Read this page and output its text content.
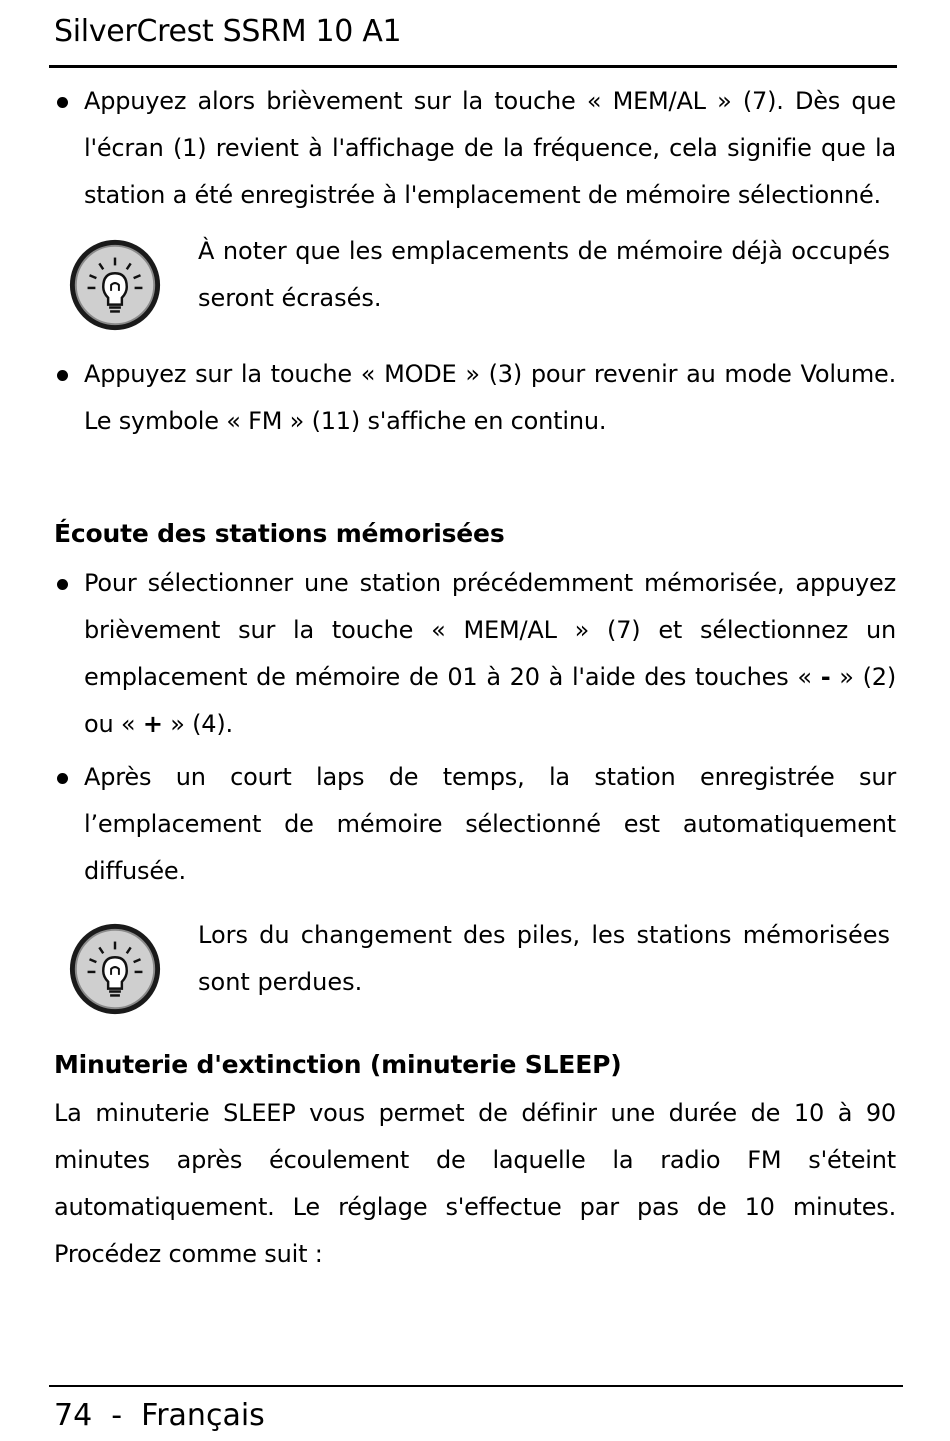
SilverCrest SSRM 10 A1
Appuyez alors brièvement sur la touche « MEM/AL » (7). Dès que l'écran (1) revient à l'affichage de la fréquence, cela signifie que la station a été enregistrée à l'emplacement de mémoire sélectionné.
À noter que les emplacements de mémoire déjà occupés seront écrasés.
Appuyez sur la touche « MODE » (3) pour revenir au mode Volume. Le symbole « FM » (11) s'affiche en continu.
Écoute des stations mémorisées
Pour sélectionner une station précédemment mémorisée, appuyez brièvement sur la touche « MEM/AL » (7) et sélectionnez un emplacement de mémoire de 01 à 20 à l'aide des touches « - » (2) ou « + » (4).
Après un court laps de temps, la station enregistrée sur l’emplacement de mémoire sélectionné est automatiquement diffusée.
Lors du changement des piles, les stations mémorisées sont perdues.
Minuterie d'extinction (minuterie SLEEP)
La minuterie SLEEP vous permet de définir une durée de 10 à 90 minutes après écoulement de laquelle la radio FM s'éteint automatiquement. Le réglage s'effectue par pas de 10 minutes. Procédez comme suit :
74  -  Français
